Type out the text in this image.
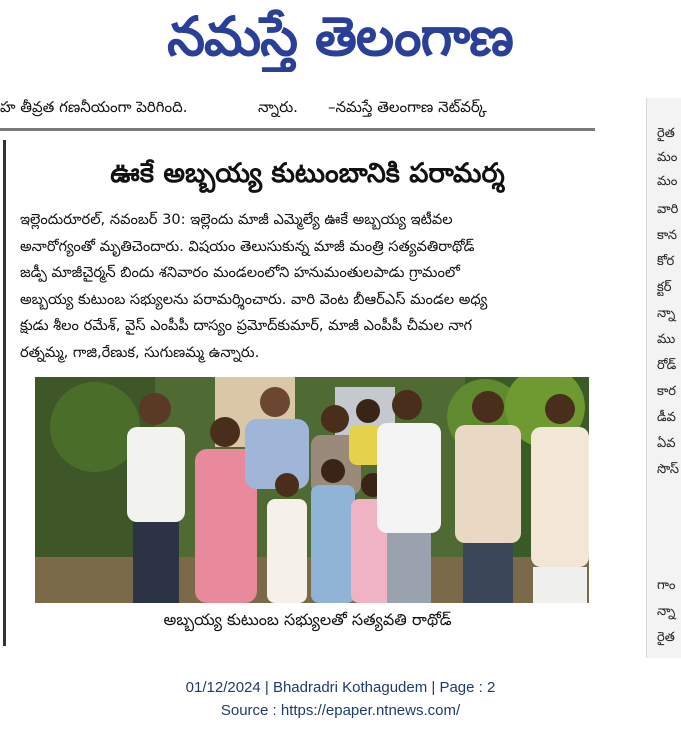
నమస్తే తెలంగాణ
హ తీవ్రత గణనీయంగా పెరిగింది.	న్నారు. –నమస్తే తెలంగాణ నెట్‌వర్క్
ఊకే అబ్బయ్య కుటుంబానికి పరామర్శ
ఇల్లెందురూరల్, నవంబర్ 30: ఇల్లెందు మాజీ ఎమ్మెల్యే ఊకే అబ్బయ్య ఇటీవల
అనారోగ్యంతో మృతిచెందారు. విషయం తెలుసుకున్న మాజీ మంత్రి సత్యవతిరాథోడ్
జడ్పీ మాజీచైర్మన్ బిందు శనివారం మండలంలోని హనుమంతులపాడు గ్రామంలో
అబ్బయ్య కుటుంబ సభ్యులను పరామర్శించారు. వారి వెంట బీఆర్‌ఎస్ మండల అధ్య
క్షుడు శీలం రమేశ్, వైస్ ఎంపీపీ దాస్యం ప్రమోద్‌కుమార్, మాజీ ఎంపీపీ చీమల నాగ
రత్నమ్మ, గాజి,రేణుక, సుగుణమ్మ ఉన్నారు.
అబ్బయ్య కుటుంబ సభ్యులతో సత్యవతి రాథోడ్
రైత
మం
మం
వారి
కాన
కోర
క్టర్
న్నా
ము
రోడ్
కార
డీవ
ఏవ
సొస్
గాం
న్నా
రైత
01/12/2024 | Bhadradri Kothagudem | Page : 2
Source : https://epaper.ntnews.com/
